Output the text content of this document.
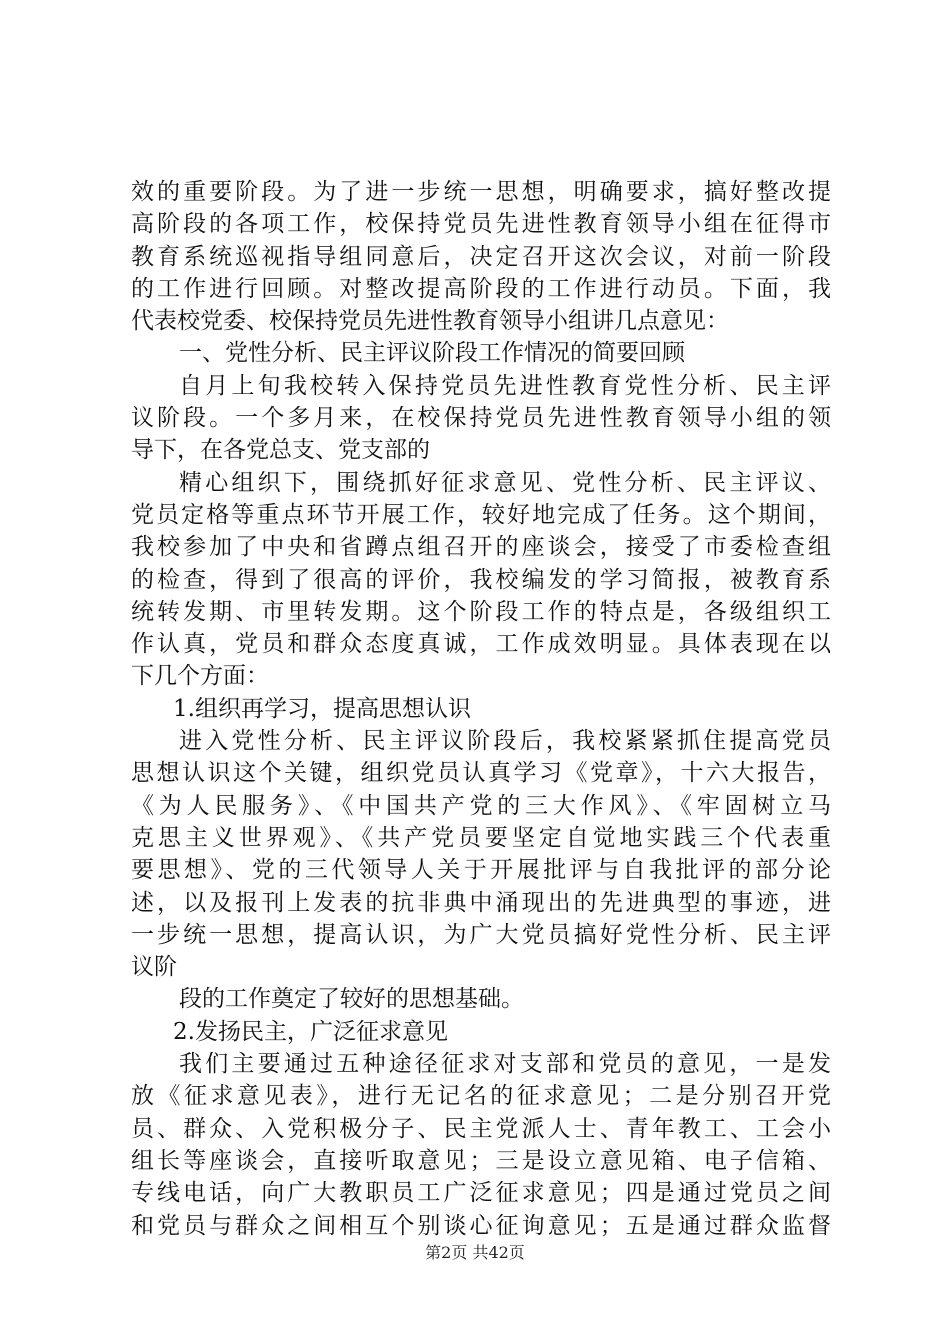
效的重要阶段。为了进一步统一思想，明确要求，搞好整改提
高阶段的各项工作，校保持党员先进性教育领导小组在征得市
教育系统巡视指导组同意后，决定召开这次会议，对前一阶段
的工作进行回顾。对整改提高阶段的工作进行动员。下面，我
代表校党委、校保持党员先进性教育领导小组讲几点意见：
一、党性分析、民主评议阶段工作情况的简要回顾
自月上旬我校转入保持党员先进性教育党性分析、民主评
议阶段。一个多月来，在校保持党员先进性教育领导小组的领
导下，在各党总支、党支部的
精心组织下，围绕抓好征求意见、党性分析、民主评议、
党员定格等重点环节开展工作，较好地完成了任务。这个期间，
我校参加了中央和省蹲点组召开的座谈会，接受了市委检查组
的检查，得到了很高的评价，我校编发的学习简报，被教育系
统转发期、市里转发期。这个阶段工作的特点是，各级组织工
作认真，党员和群众态度真诚，工作成效明显。具体表现在以
下几个方面：
1.组织再学习，提高思想认识
进入党性分析、民主评议阶段后，我校紧紧抓住提高党员
思想认识这个关键，组织党员认真学习《党章》，十六大报告，
《为人民服务》、《中国共产党的三大作风》、《牢固树立马
克思主义世界观》、《共产党员要坚定自觉地实践三个代表重
要思想》、党的三代领导人关于开展批评与自我批评的部分论
述，以及报刊上发表的抗非典中涌现出的先进典型的事迹，进
一步统一思想，提高认识，为广大党员搞好党性分析、民主评
议阶
段的工作奠定了较好的思想基础。
2.发扬民主，广泛征求意见
我们主要通过五种途径征求对支部和党员的意见，一是发
放《征求意见表》，进行无记名的征求意见；二是分别召开党
员、群众、入党积极分子、民主党派人士、青年教工、工会小
组长等座谈会，直接听取意见；三是设立意见箱、电子信箱、
专线电话，向广大教职员工广泛征求意见；四是通过党员之间
和党员与群众之间相互个别谈心征询意见；五是通过群众监督
第2页 共42页
